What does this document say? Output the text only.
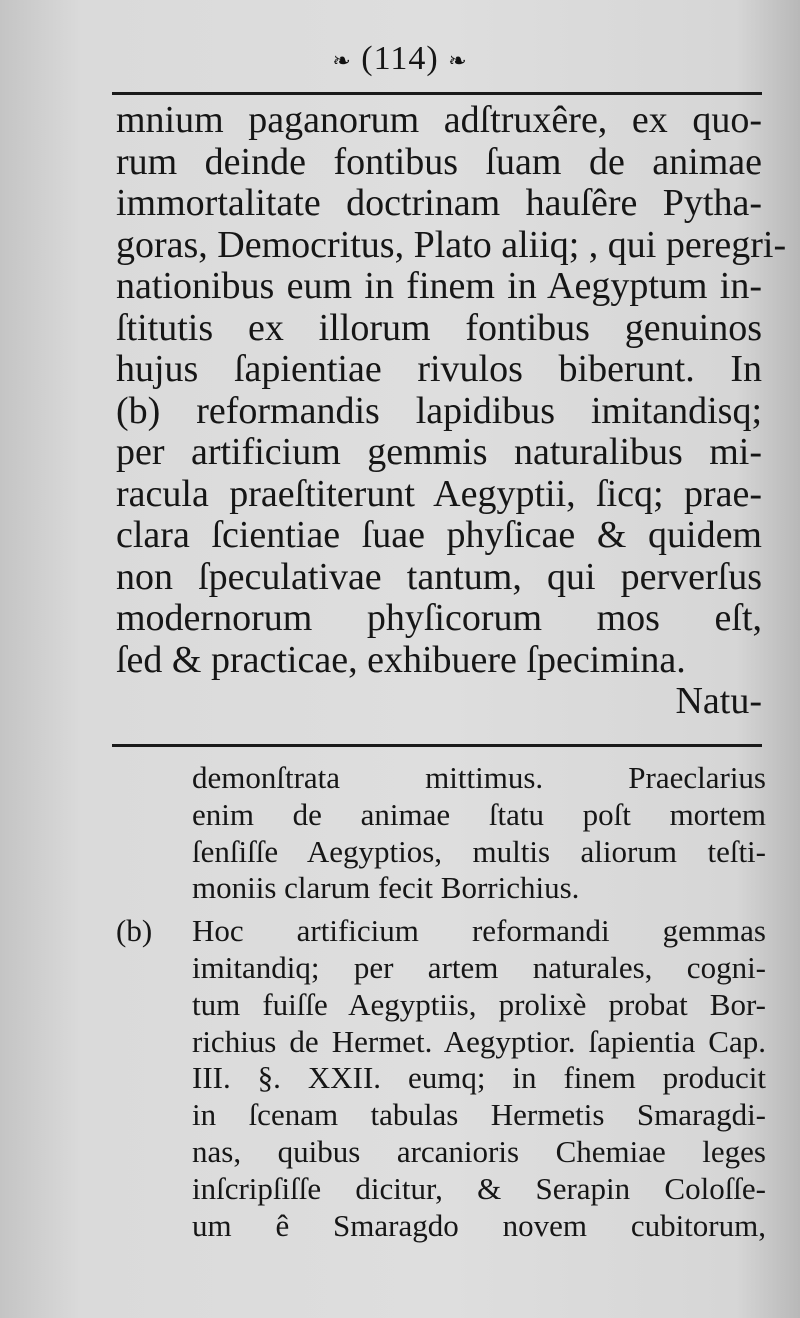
❧ (114) ❧
mnium paganorum adſtruxêre, ex quo-
rum deinde fontibus ſuam de animae
immortalitate doctrinam hauſêre Pytha-
goras, Democritus, Plato aliiq; , qui peregri-
nationibus eum in finem in Aegyptum in-
ſtitutis ex illorum fontibus genuinos
hujus ſapientiae rivulos biberunt. In
(b) reformandis lapidibus imitandisq;
per artificium gemmis naturalibus mi-
racula praeſtiterunt Aegyptii, ſicq; prae-
clara ſcientiae ſuae phyſicae & quidem
non ſpeculativae tantum, qui perverſus
modernorum phyſicorum mos eſt,
ſed & practicae, exhibuere ſpecimina.
Natu-
demonſtrata mittimus. Praeclarius
enim de animae ſtatu poſt mortem
ſenſiſſe Aegyptios, multis aliorum teſti-
moniis clarum fecit Borrichius.
(b) Hoc artificium reformandi gemmas
imitandiq; per artem naturales, cogni-
tum fuiſſe Aegyptiis, prolixè probat Bor-
richius de Hermet. Aegyptior. ſapientia Cap.
III. §. XXII. eumq; in finem producit
in ſcenam tabulas Hermetis Smaragdi-
nas, quibus arcanioris Chemiae leges
inſcripſiſſe dicitur, & Serapin Coloſſe-
um ê Smaragdo novem cubitorum,
